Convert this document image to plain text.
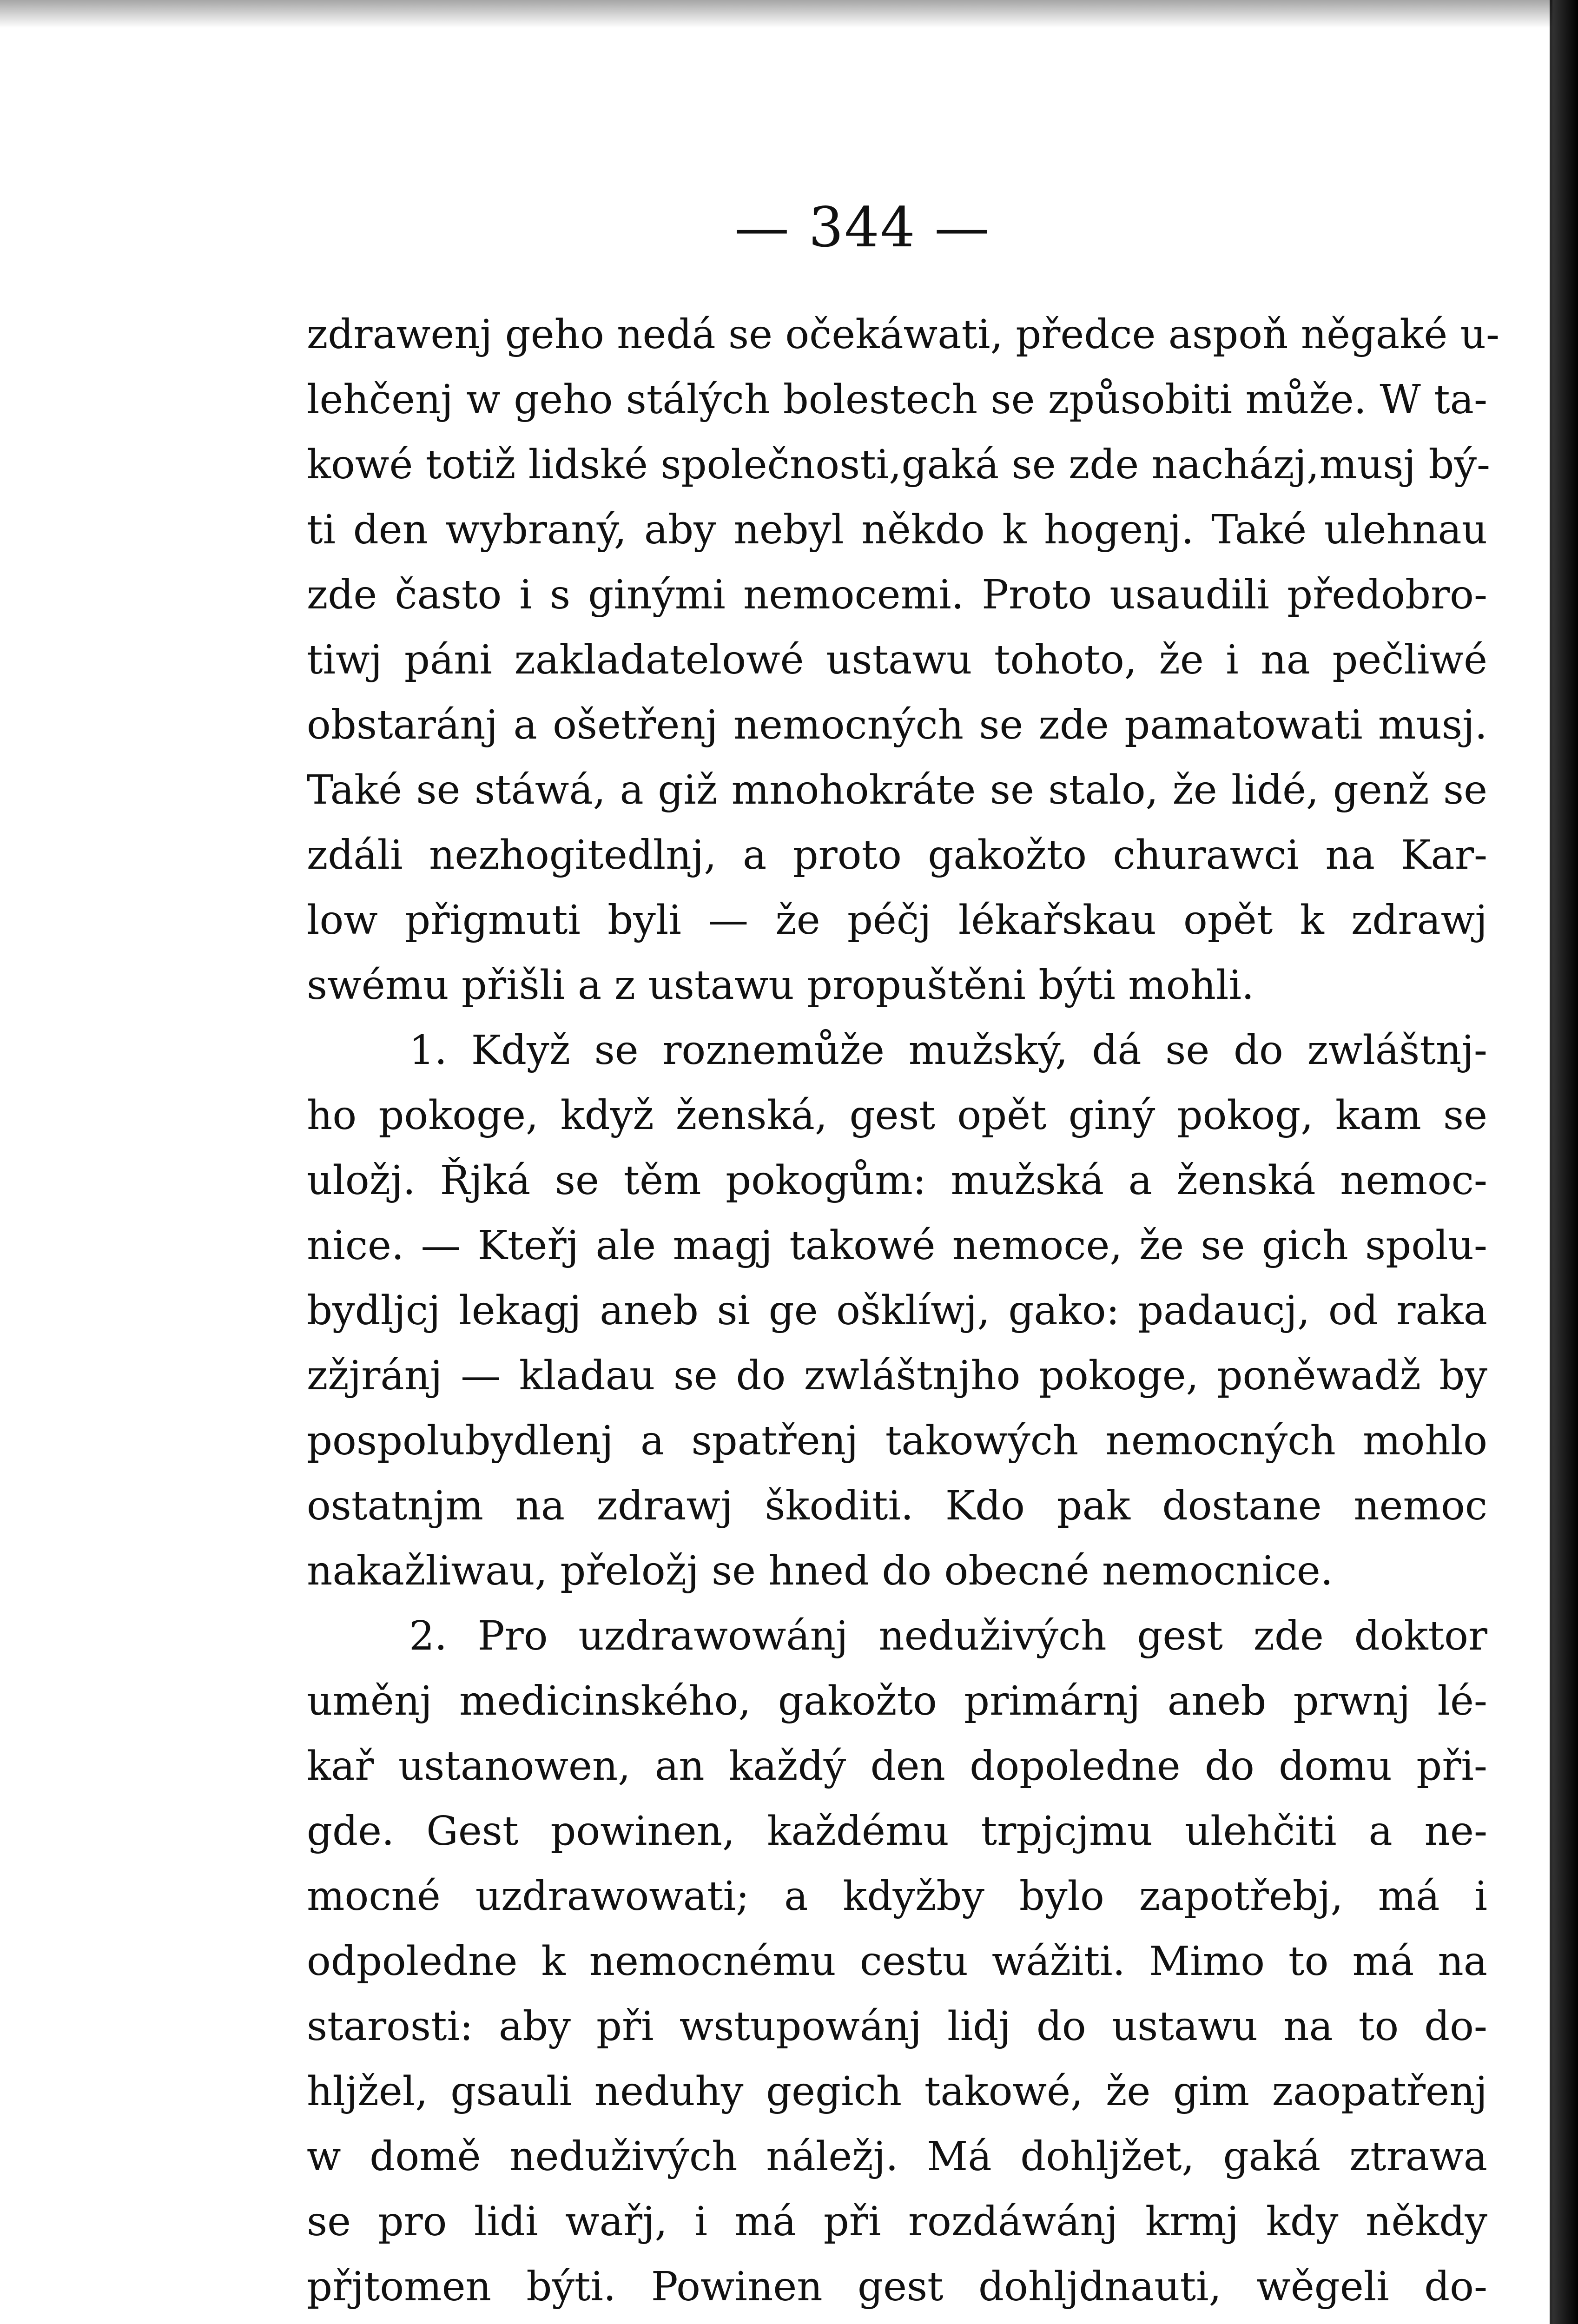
— 344 —
zdrawenj geho nedá se očekáwati, předce aspoň něgaké u-
lehčenj w geho stálých bolestech se způsobiti může. W ta-
kowé totiž lidské společnosti,gaká se zde nacházj,musj bý-
ti den wybraný, aby nebyl někdo k hogenj. Také ulehnau
zde často i s ginými nemocemi. Proto usaudili předobro-
tiwj páni zakladatelowé ustawu tohoto, že i na pečliwé
obstaránj a ošetřenj nemocných se zde pamatowati musj.
Také se stáwá, a giž mnohokráte se stalo, že lidé, genž se
zdáli nezhogitedlnj, a proto gakožto churawci na Kar-
low přigmuti byli — že péčj lékařskau opět k zdrawj
swému přišli a z ustawu propuštěni býti mohli.
1. Když se roznemůže mužský, dá se do zwláštnj-
ho pokoge, když ženská, gest opět giný pokog, kam se
uložj. Řjká se těm pokogům: mužská a ženská nemoc-
nice. — Kteřj ale magj takowé nemoce, že se gich spolu-
bydljcj lekagj aneb si ge ošklíwj, gako: padaucj, od raka
zžjránj — kladau se do zwláštnjho pokoge, poněwadž by
pospolubydlenj a spatřenj takowých nemocných mohlo
ostatnjm na zdrawj škoditi. Kdo pak dostane nemoc
nakažliwau, přeložj se hned do obecné nemocnice.
2. Pro uzdrawowánj neduživých gest zde doktor
uměnj medicinského, gakožto primárnj aneb prwnj lé-
kař ustanowen, an každý den dopoledne do domu při-
gde. Gest powinen, každému trpjcjmu ulehčiti a ne-
mocné uzdrawowati; a kdyžby bylo zapotřebj, má i
odpoledne k nemocnému cestu wážiti. Mimo to má na
starosti: aby při wstupowánj lidj do ustawu na to do-
hljžel, gsauli neduhy gegich takowé, že gim zaopatřenj
w domě neduživých náležj. Má dohljžet, gaká ztrawa
se pro lidi wařj, i má při rozdáwánj krmj kdy někdy
přjtomen býti. Powinen gest dohljdnauti, wěgeli do-
